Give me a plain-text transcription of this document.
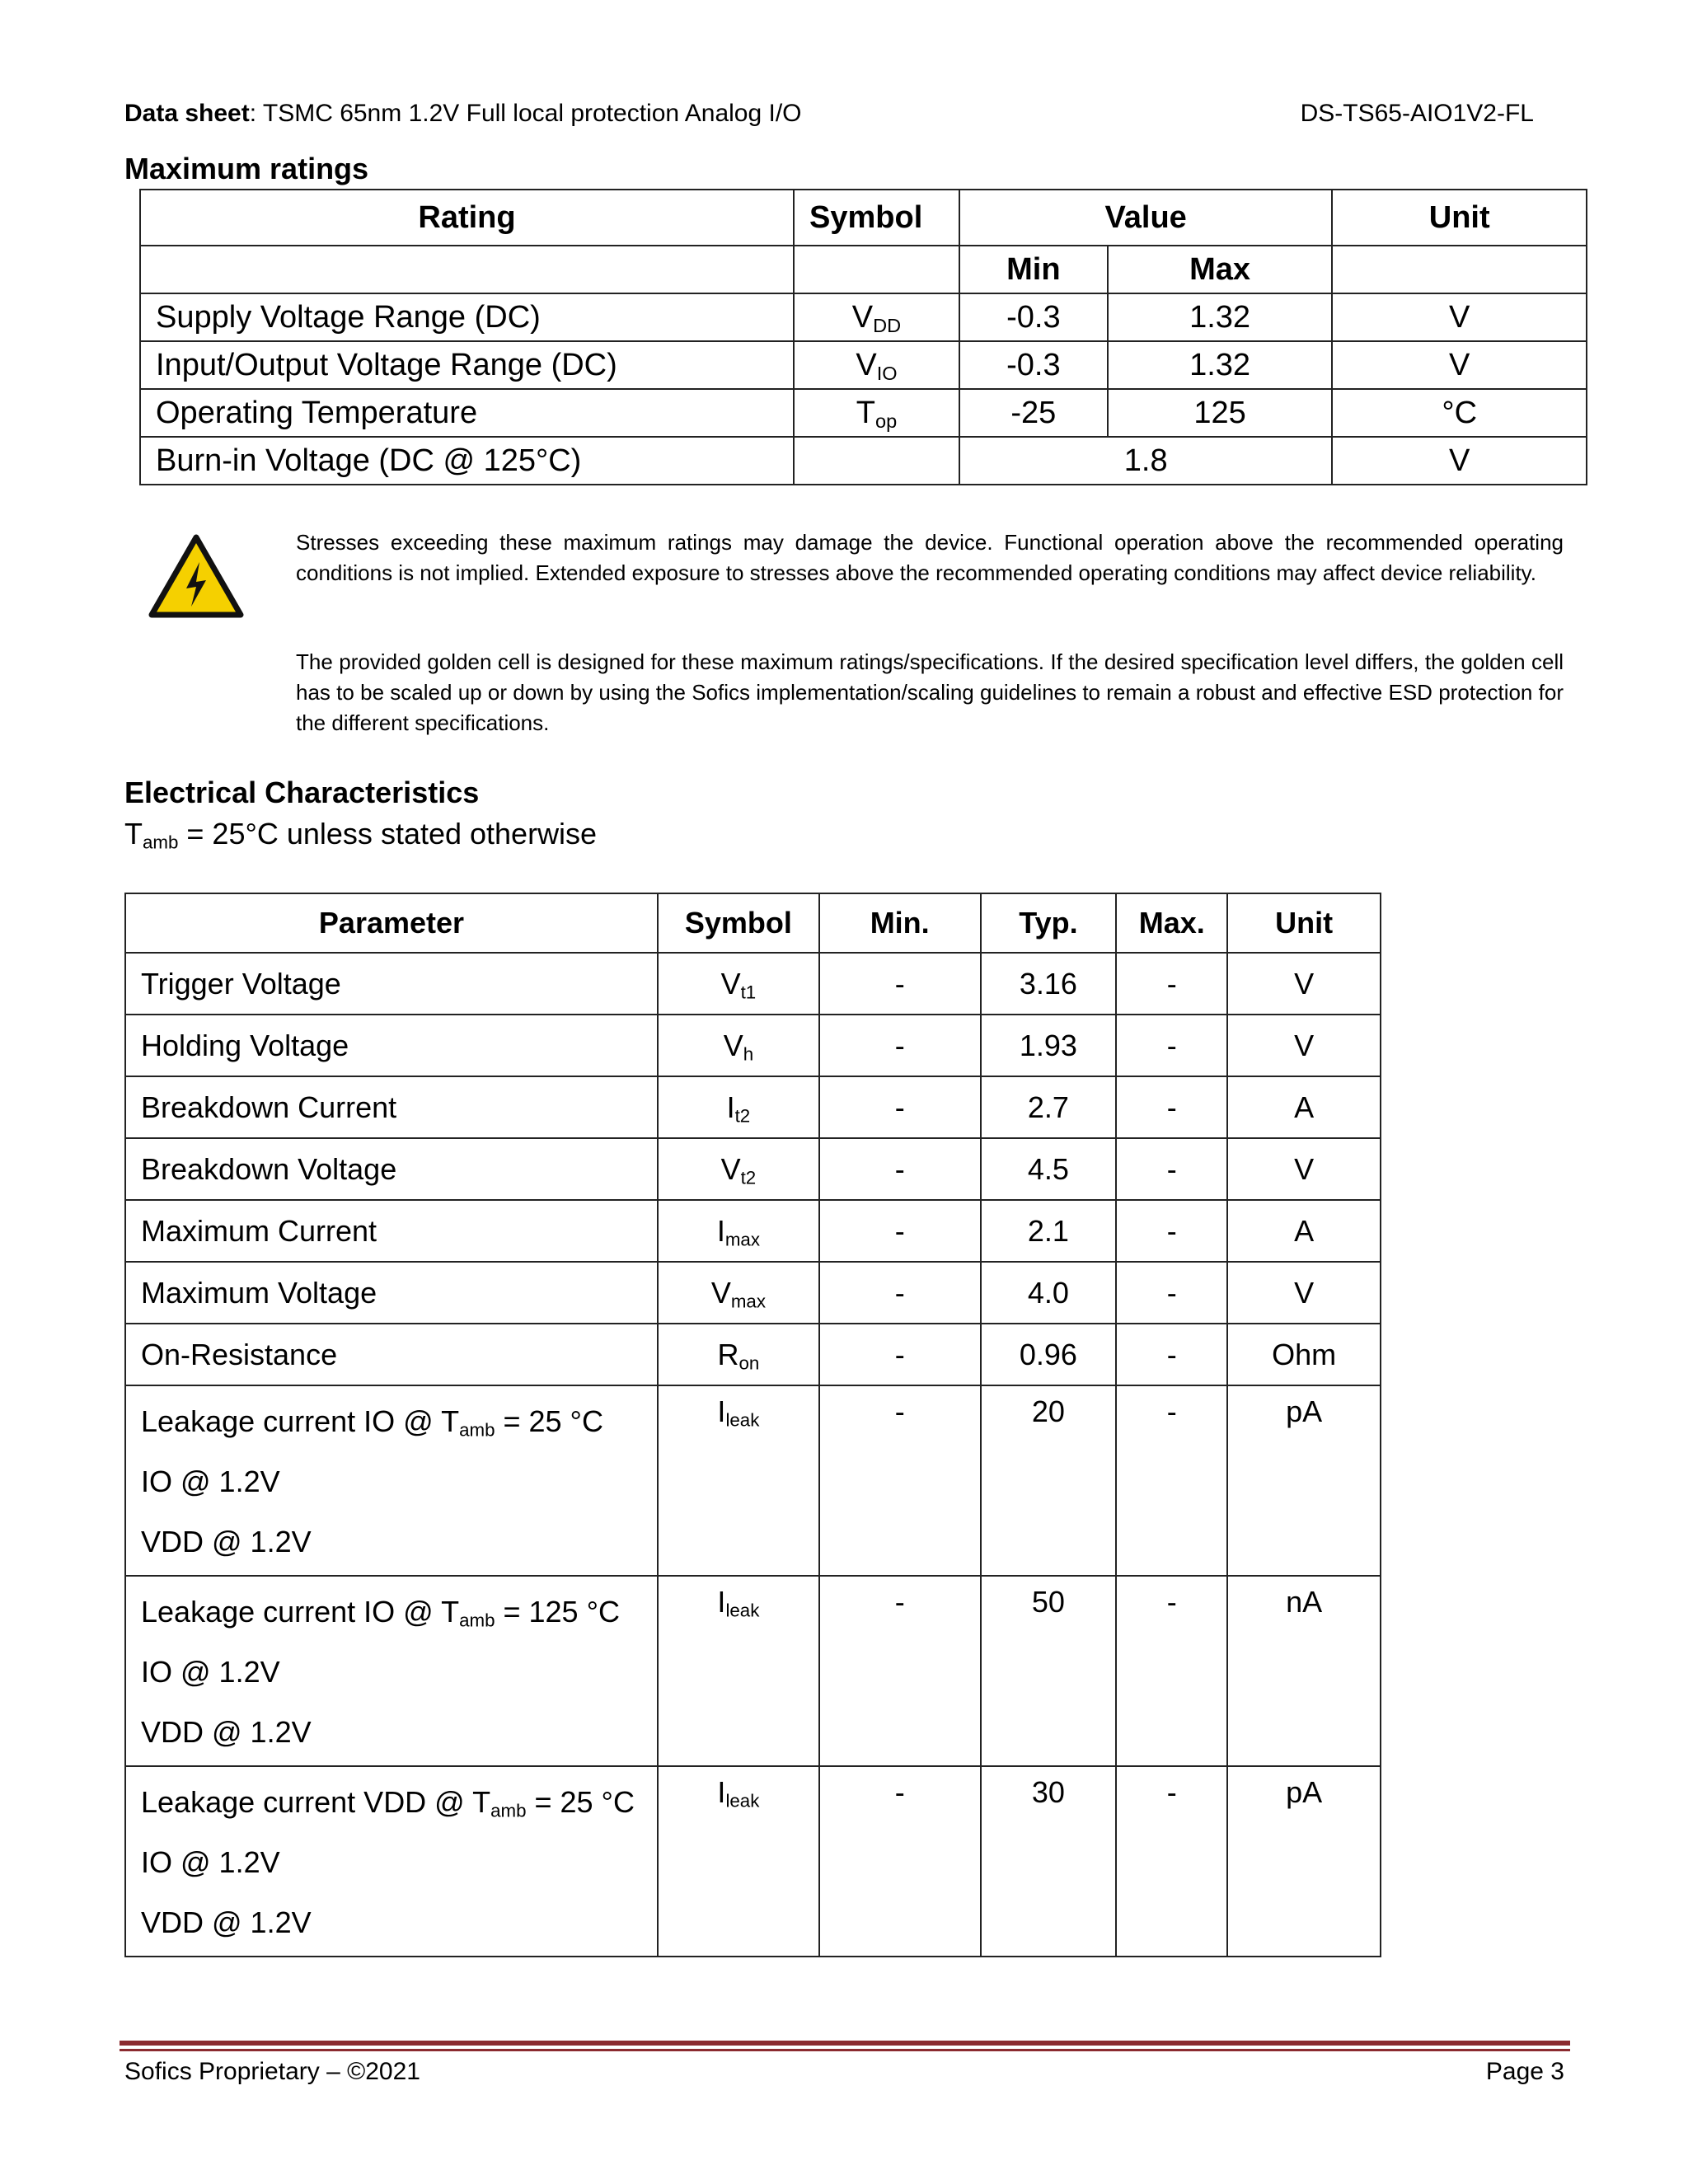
Data sheet: TSMC 65nm 1.2V Full local protection Analog I/O	DS-TS65-AIO1V2-FL
Maximum ratings
Rating	Symbol	Value		Unit
		Min	Max	
Supply Voltage Range (DC)	$V_{DD}$	-0.3	1.32	V
Input/Output Voltage Range (DC)	$V_{IO}$	-0.3	1.32	V
Operating Temperature	$T_{op}$	-25	125	°C
Burn-in Voltage (DC @ 125°C)		1.8		V
Stresses exceeding these maximum ratings may damage the device. Functional operation above the recommended operating conditions is not implied. Extended exposure to stresses above the recommended operating conditions may affect device reliability.
The provided golden cell is designed for these maximum ratings/specifications. If the desired specification level differs, the golden cell has to be scaled up or down by using the Sofics implementation/scaling guidelines to remain a robust and effective ESD protection for the different specifications.
Electrical Characteristics
$T_{amb} = 25^\circ C$ unless stated otherwise
Parameter	Symbol	Min.	Typ.	Max.	Unit
Trigger Voltage	$V_{t1}$	-	3.16	-	V
Holding Voltage	$V_h$	-	1.93	-	V
Breakdown Current	$I_{t2}$	-	2.7	-	A
Breakdown Voltage	$V_{t2}$	-	4.5	-	V
Maximum Current	$I_{max}$	-	2.1	-	A
Maximum Voltage	$V_{max}$	-	4.0	-	V
On-Resistance	$R_{on}$	-	0.96	-	Ohm

Leakage current IO @ $T_{amb} = 25$ °C
IO @ 1.2V
VDD @ 1.2V	$I_{leak}$	-	20	-	pA

Leakage current IO @ $T_{amb} = 125$ °C
IO @ 1.2V
VDD @ 1.2V	$I_{leak}$	-	50	-	nA

Leakage current VDD @ $T_{amb} = 25$ °C
IO @ 1.2V
VDD @ 1.2V	$I_{leak}$	-	30	-	pA
Sofics Proprietary – ©2021	Page 3
